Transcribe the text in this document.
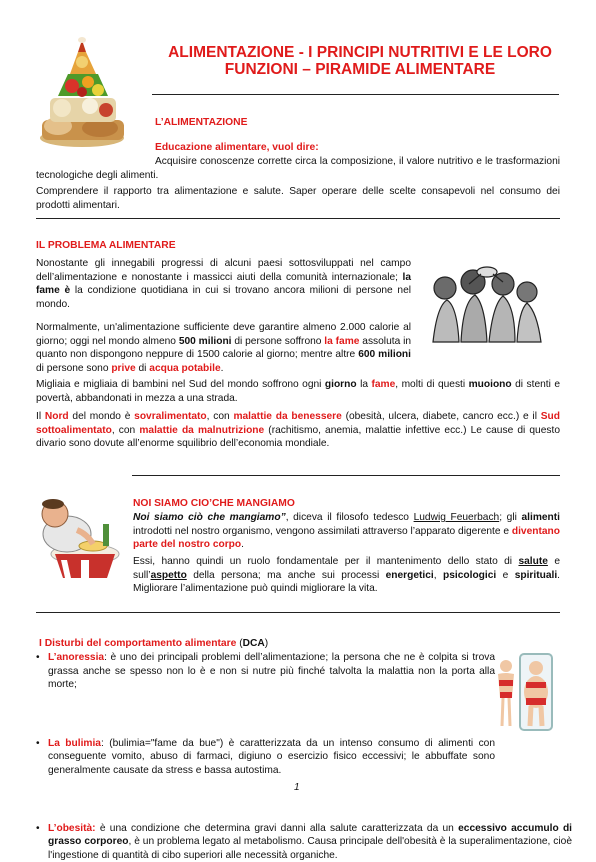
ALIMENTAZIONE - I PRINCIPI NUTRITIVI E LE LORO FUNZIONI – PIRAMIDE ALIMENTARE
L’ALIMENTAZIONE
Educazione alimentare, vuol dire:
Acquisire conoscenze corrette circa la composizione, il valore nutritivo e le trasformazioni tecnologiche degli alimenti.
Comprendere il rapporto tra alimentazione e salute. Saper operare delle scelte consapevoli nel consumo dei prodotti alimentari.
IL PROBLEMA ALIMENTARE
Nonostante gli innegabili progressi di alcuni paesi sottosviluppati nel campo dell’alimentazione e nonostante i massicci aiuti della comunità internazionale; la fame è la condizione quotidiana in cui si trovano ancora milioni di persone nel mondo.
Normalmente, un'alimentazione sufficiente deve garantire almeno 2.000 calorie al giorno; oggi nel mondo almeno 500 milioni di persone soffrono la fame assoluta in quanto non dispongono neppure di 1500 calorie al giorno; mentre altre 600 milioni di persone sono prive di acqua potabile.
Migliaia e migliaia di bambini nel Sud del mondo soffrono ogni giorno la fame, molti di questi muoiono di stenti e povertà, abbandonati in mezza a una strada.
Il Nord del mondo è sovralimentato, con malattie da benessere (obesità, ulcera, diabete, cancro ecc.) e il Sud sottoalimentato, con malattie da malnutrizione (rachitismo, anemia, malattie infettive ecc.) Le cause di questo divario sono dovute all’enorme squilibrio dell’economia mondiale.
NOI SIAMO CIO’CHE MANGIAMO
Noi siamo ciò che mangiamo”, diceva il filosofo tedesco Ludwig Feuerbach; gli alimenti introdotti nel nostro organismo, vengono assimilati attraverso l’apparato digerente e diventano parte del nostro corpo.
Essi, hanno quindi un ruolo fondamentale per il mantenimento dello stato di salute e sull’aspetto della persona; ma anche sui processi energetici, psicologici e spirituali. Migliorare l’alimentazione può quindi migliorare la vita.
I Disturbi del comportamento alimentare (DCA)
• L’anoressia: è uno dei principali problemi dell’alimentazione; la persona che ne è colpita si trova grassa anche se spesso non lo è e non si nutre più finché talvolta la malattia non la porta alla morte;
• La bulimia: (bulimia="fame da bue") è caratterizzata da un intenso consumo di alimenti con conseguente vomito, abuso di farmaci, digiuno o esercizio fisico eccessivi; le abbuffate sono generalmente causate da stress e bassa autostima.
• L’obesità: è una condizione che determina gravi danni alla salute caratterizzata da un eccessivo accumulo di grasso corporeo, è un problema legato al metabolismo. Causa principale dell'obesità è la superalimentazione, cioè l'ingestione di quantità di cibo superiori alle necessità organiche.
1
